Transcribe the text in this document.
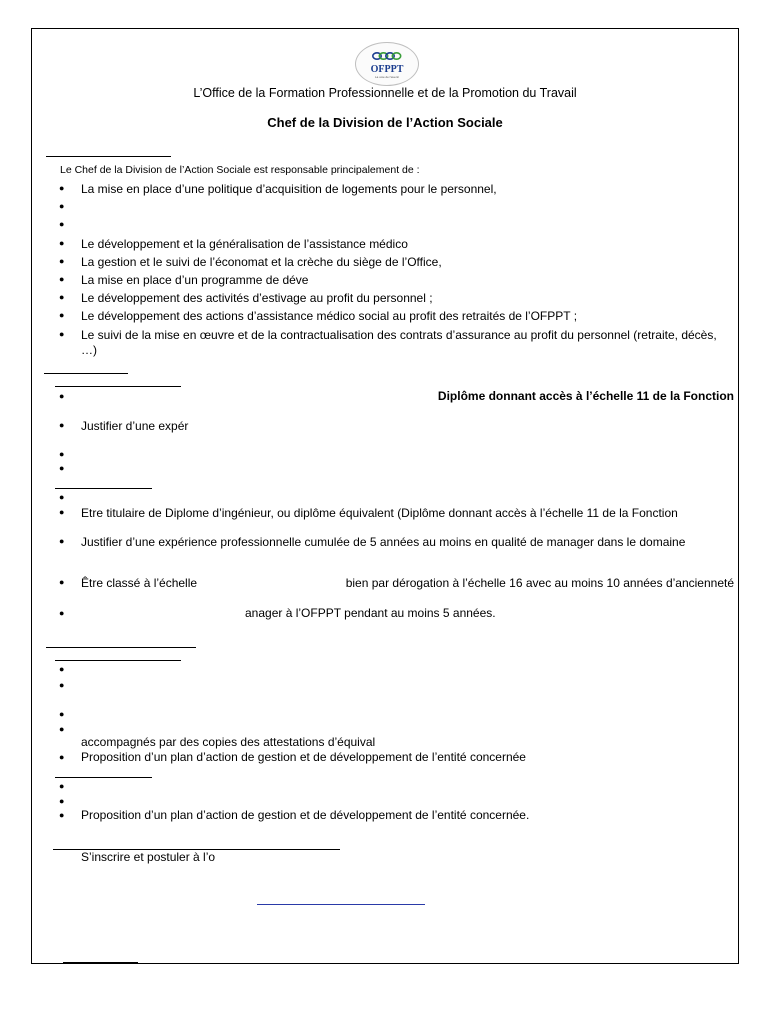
OFPPT
La voie de l'avenir
L’Office de la Formation Professionnelle et de la Promotion du Travail
Chef de la Division de l’Action Sociale
Le Chef de la Division de l’Action Sociale est responsable principalement de :
● La mise en place d’une politique d’acquisition de logements pour le personnel,
●
●
● Le développement et la généralisation de l’assistance médico
● La gestion et le suivi de l’économat et la crèche du siège de l’Office,
● La mise en place d’un programme de déve
● Le développement des activités d’estivage au profit du personnel ;
● Le développement des actions d’assistance médico social au profit des retraités de l’OFPPT ;
● Le suivi de la mise en œuvre et de la contractualisation des contrats d’assurance au profit du personnel (retraite, décès, …)
●	Diplôme donnant accès à l’échelle 11 de la Fonction
● Justifier d’une expér
●
●
●
● Etre titulaire de Diplome d’ingénieur, ou diplôme équivalent (Diplôme donnant accès à l’échelle 11 de la Fonction
● Justifier d’une expérience professionnelle cumulée de 5 années au moins en qualité de manager dans le domaine
● Être classé à l’échelle	bien par dérogation à l’échelle 16 avec au moins 10 années d’ancienneté
●	anager à l’OFPPT pendant au moins 5 années.
●
●
●
●
accompagnés par des copies des attestations d’équival
● Proposition d’un plan d’action de gestion et de développement de l’entité concernée
●
●
● Proposition d’un plan d’action de gestion et de développement de l’entité concernée.
S’inscrire et postuler à l’o
